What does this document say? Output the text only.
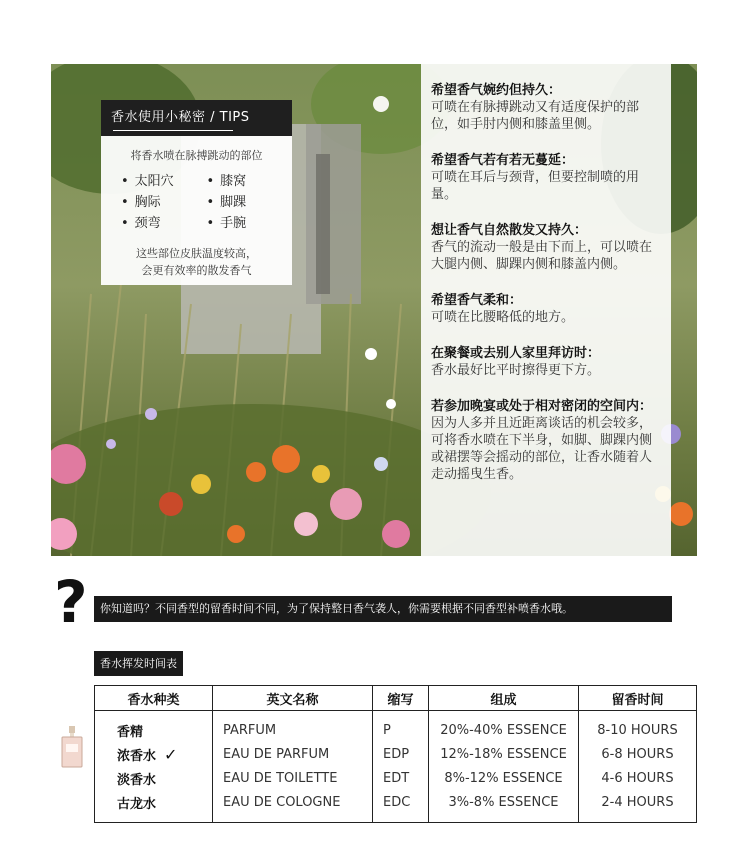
香水使用小秘密 / TIPS
将香水喷在脉搏跳动的部位
• 太阳穴	• 膝窝
• 胸际	• 脚踝
• 颈弯	• 手腕
这些部位皮肤温度较高，
会更有效率的散发香气
希望香气婉约但持久：
可喷在有脉搏跳动又有适度保护的部位，如手肘内侧和膝盖里侧。
希望香气若有若无蔓延：
可喷在耳后与颈背，但要控制喷的用量。
想让香气自然散发又持久：
香气的流动一般是由下而上，可以喷在大腿内侧、脚踝内侧和膝盖内侧。
希望香气柔和：
可喷在比腰略低的地方。
在聚餐或去别人家里拜访时：
香水最好比平时擦得更下方。
若参加晚宴或处于相对密闭的空间内：
因为人多并且近距离谈话的机会较多，可将香水喷在下半身，如脚、脚踝内侧或裙摆等会摇动的部位，让香水随着人走动摇曳生香。
?	你知道吗？不同香型的留香时间不同，为了保持整日香气袭人，你需要根据不同香型补喷香水哦。
香水挥发时间表
香水种类	英文名称	缩写	组成	留香时间
香精	PARFUM	P	20%-40% ESSENCE	8-10 HOURS
浓香水 ✓	EAU DE PARFUM	EDP	12%-18% ESSENCE	6-8 HOURS
淡香水	EAU DE TOILETTE	EDT	8%-12% ESSENCE	4-6 HOURS
古龙水	EAU DE COLOGNE	EDC	3%-8% ESSENCE	2-4 HOURS
